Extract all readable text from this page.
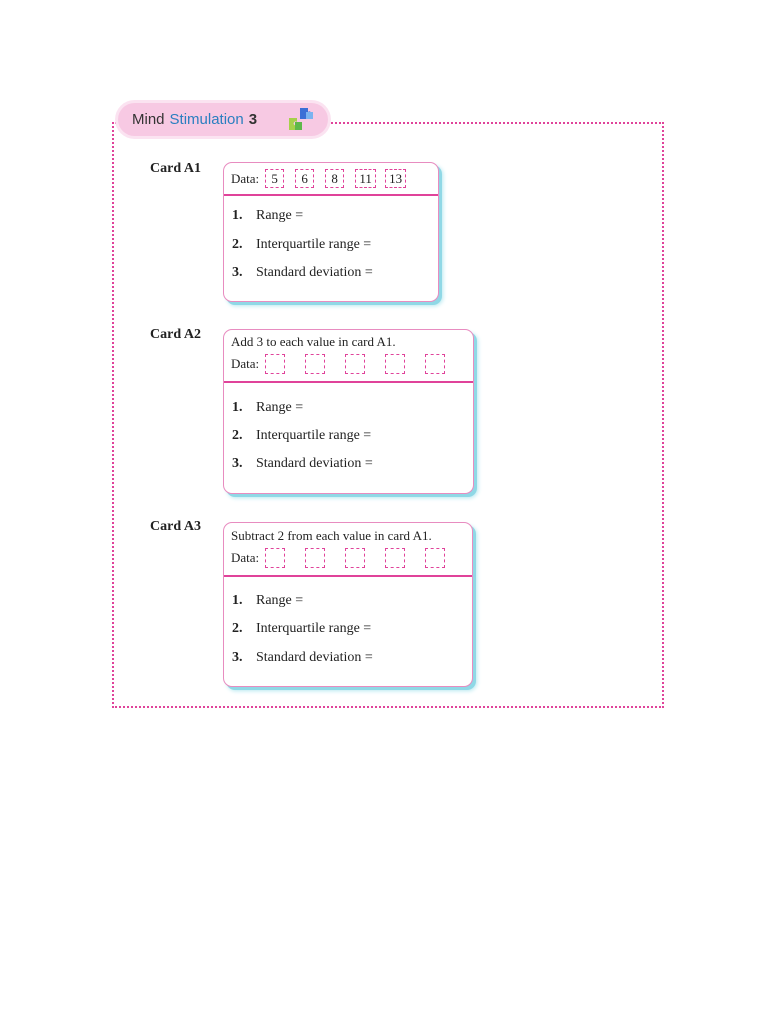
Mind Stimulation 3
Card A1
Data: 5	6	8	11	13
1. Range =
2. Interquartile range =
3. Standard deviation =
Card A2 Add 3 to each value in card A1.
Data:
1. Range =
2. Interquartile range =
3. Standard deviation =
Card A3
Subtract 2 from each value in card A1.
Data:
1. Range =
2. Interquartile range =
3. Standard deviation =
